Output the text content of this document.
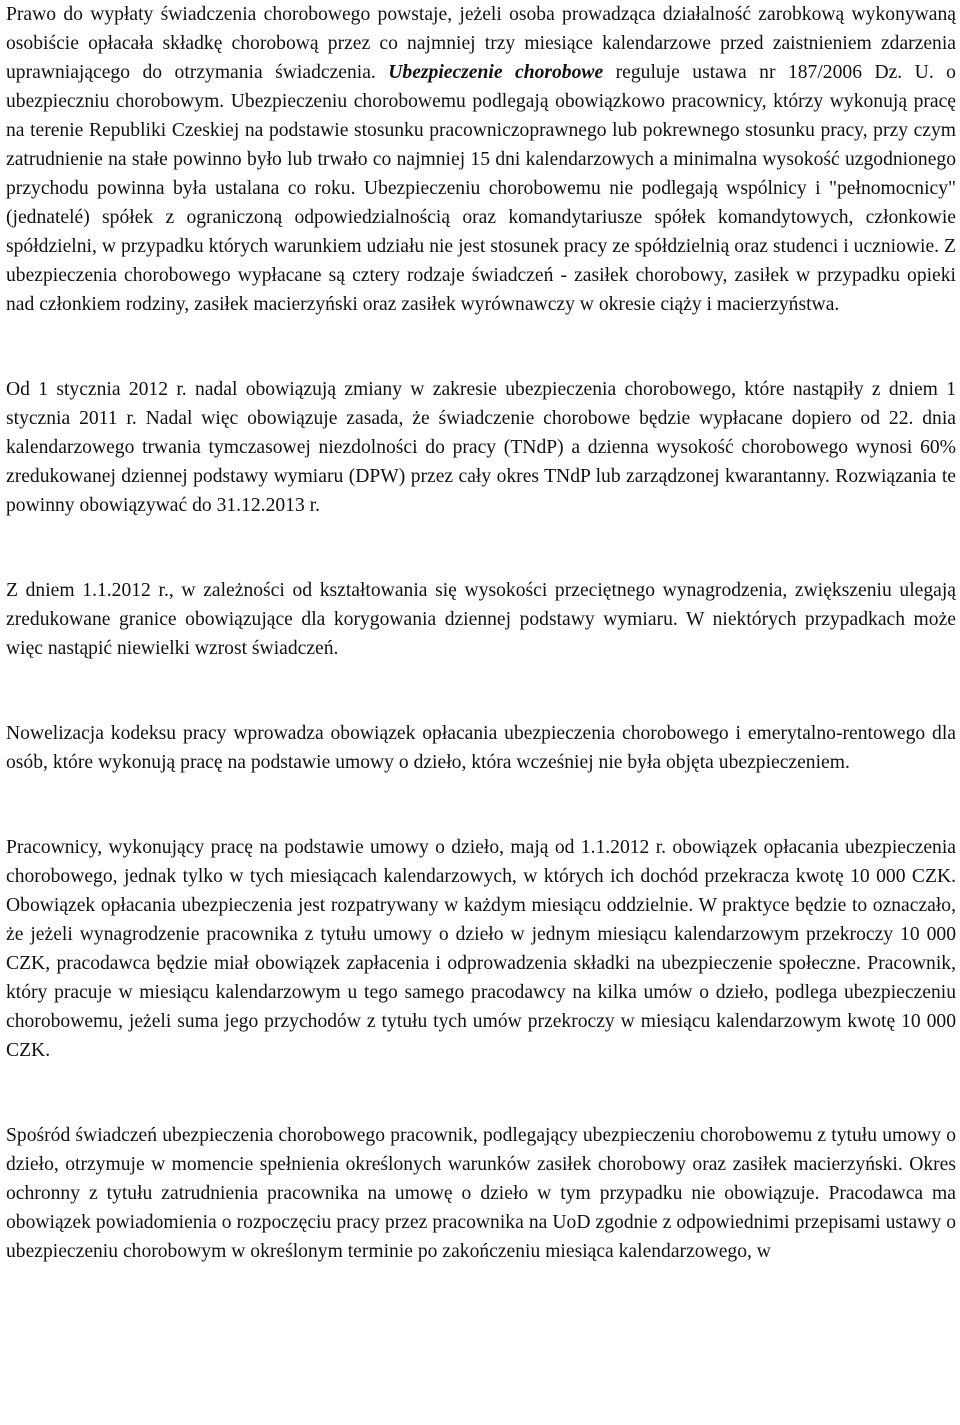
Prawo do wypłaty świadczenia chorobowego powstaje, jeżeli osoba prowadząca działalność zarobkową wykonywaną osobiście opłacała składkę chorobową przez co najmniej trzy miesiące kalendarzowe przed zaistnieniem zdarzenia uprawniającego do otrzymania świadczenia. Ubezpieczenie chorobowe reguluje ustawa nr 187/2006 Dz. U. o ubezpieczniu chorobowym. Ubezpieczeniu chorobowemu podlegają obowiązkowo pracownicy, którzy wykonują pracę na terenie Republiki Czeskiej na podstawie stosunku pracowniczoprawnego lub pokrewnego stosunku pracy, przy czym zatrudnienie na stałe powinno było lub trwało co najmniej 15 dni kalendarzowych a minimalna wysokość uzgodnionego przychodu powinna była ustalana co roku. Ubezpieczeniu chorobowemu nie podlegają wspólnicy i "pełnomocnicy" (jednatelé) spółek z ograniczoną odpowiedzialnością oraz komandytariusze spółek komandytowych, członkowie spółdzielni, w przypadku których warunkiem udziału nie jest stosunek pracy ze spółdzielnią oraz studenci i uczniowie. Z ubezpieczenia chorobowego wypłacane są cztery rodzaje świadczeń - zasiłek chorobowy, zasiłek w przypadku opieki nad członkiem rodziny, zasiłek macierzyński oraz zasiłek wyrównawczy w okresie ciąży i macierzyństwa.

Od 1 stycznia 2012 r. nadal obowiązują zmiany w zakresie ubezpieczenia chorobowego, które nastąpiły z dniem 1 stycznia 2011 r. Nadal więc obowiązuje zasada, że świadczenie chorobowe będzie wypłacane dopiero od 22. dnia kalendarzowego trwania tymczasowej niezdolności do pracy (TNdP) a dzienna wysokość chorobowego wynosi 60% zredukowanej dziennej podstawy wymiaru (DPW) przez cały okres TNdP lub zarządzonej kwarantanny. Rozwiązania te powinny obowiązywać do 31.12.2013 r.

Z dniem 1.1.2012 r., w zależności od kształtowania się wysokości przeciętnego wynagrodzenia, zwiększeniu ulegają zredukowane granice obowiązujące dla korygowania dziennej podstawy wymiaru. W niektórych przypadkach może więc nastąpić niewielki wzrost świadczeń.

Nowelizacja kodeksu pracy wprowadza obowiązek opłacania ubezpieczenia chorobowego i emerytalno-rentowego dla osób, które wykonują pracę na podstawie umowy o dzieło, która wcześniej nie była objęta ubezpieczeniem.

Pracownicy, wykonujący pracę na podstawie umowy o dzieło, mają od 1.1.2012 r. obowiązek opłacania ubezpieczenia chorobowego, jednak tylko w tych miesiącach kalendarzowych, w których ich dochód przekracza kwotę 10 000 CZK. Obowiązek opłacania ubezpieczenia jest rozpatrywany w każdym miesiącu oddzielnie. W praktyce będzie to oznaczało, że jeżeli wynagrodzenie pracownika z tytułu umowy o dzieło w jednym miesiącu kalendarzowym przekroczy 10 000 CZK, pracodawca będzie miał obowiązek zapłacenia i odprowadzenia składki na ubezpieczenie społeczne. Pracownik, który pracuje w miesiącu kalendarzowym u tego samego pracodawcy na kilka umów o dzieło, podlega ubezpieczeniu chorobowemu, jeżeli suma jego przychodów z tytułu tych umów przekroczy w miesiącu kalendarzowym kwotę 10 000 CZK.

Spośród świadczeń ubezpieczenia chorobowego pracownik, podlegający ubezpieczeniu chorobowemu z tytułu umowy o dzieło, otrzymuje w momencie spełnienia określonych warunków zasiłek chorobowy oraz zasiłek macierzyński. Okres ochronny z tytułu zatrudnienia pracownika na umowę o dzieło w tym przypadku nie obowiązuje. Pracodawca ma obowiązek powiadomienia o rozpoczęciu pracy przez pracownika na UoD zgodnie z odpowiednimi przepisami ustawy o ubezpieczeniu chorobowym w określonym terminie po zakończeniu miesiąca kalendarzowego, w
